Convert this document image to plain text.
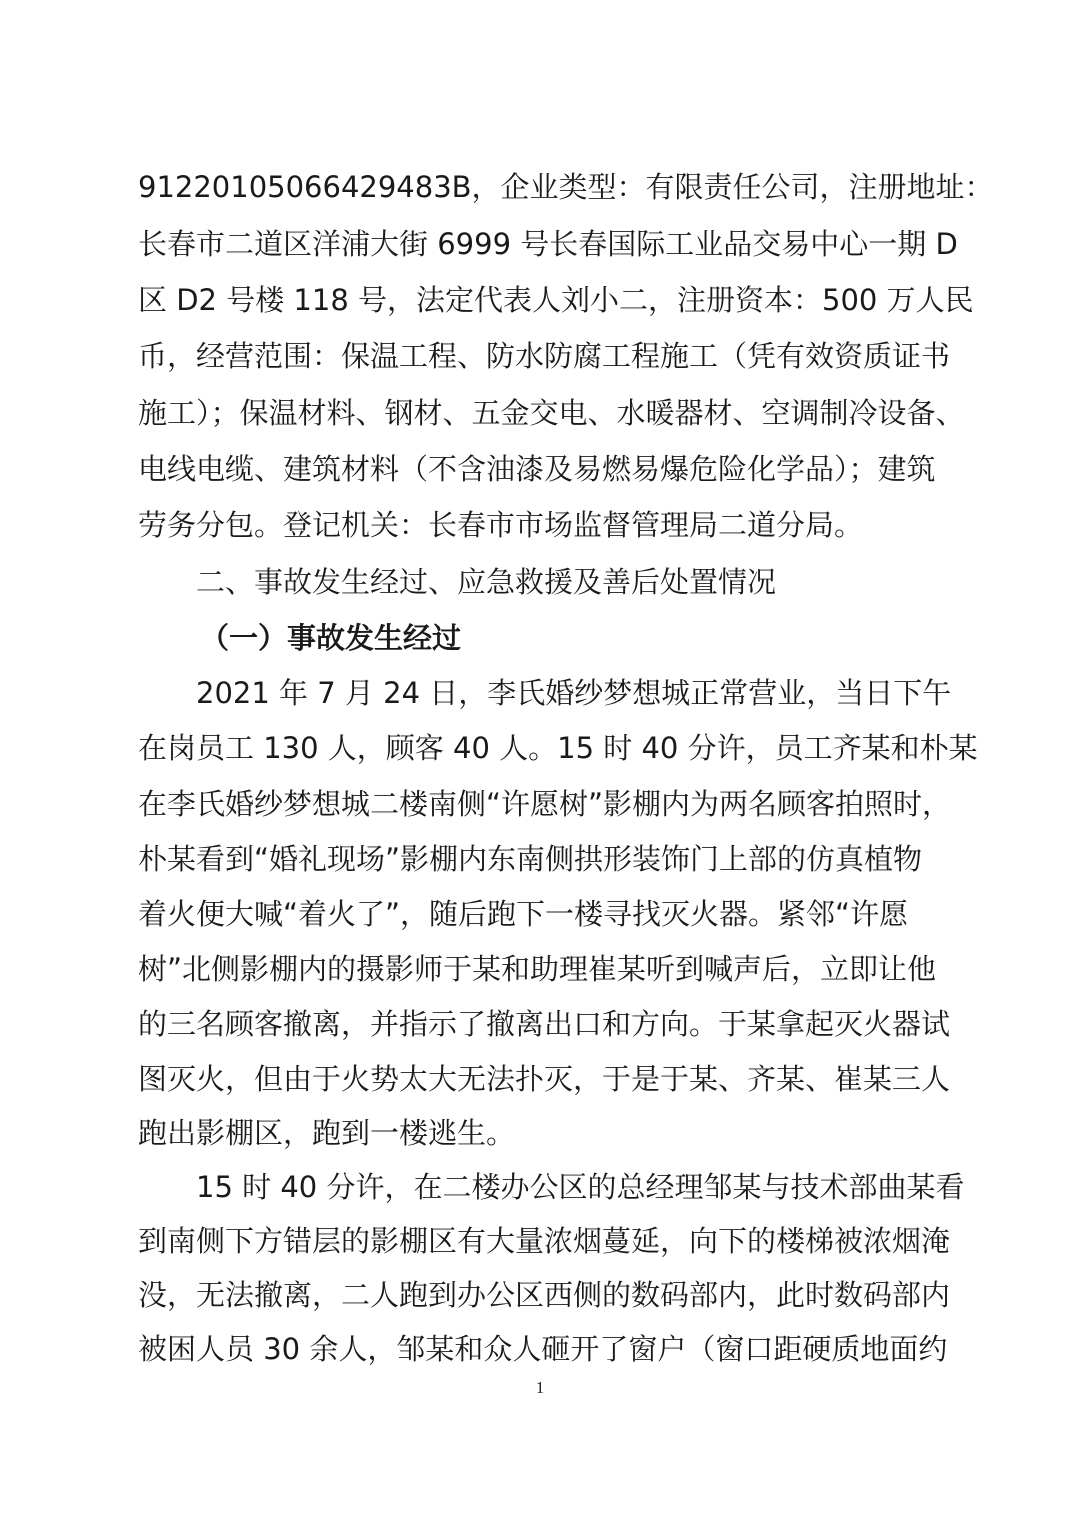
91220105066429483B，企业类型：有限责任公司，注册地址：
长春市二道区洋浦大街 6999 号长春国际工业品交易中心一期 D
区 D2 号楼 118 号，法定代表人刘小二，注册资本：500 万人民
币，经营范围：保温工程、防水防腐工程施工（凭有效资质证书
施工）；保温材料、钢材、五金交电、水暖器材、空调制冷设备、
电线电缆、建筑材料（不含油漆及易燃易爆危险化学品）；建筑
劳务分包。登记机关：长春市市场监督管理局二道分局。
二、事故发生经过、应急救援及善后处置情况
（一）事故发生经过
2021 年 7 月 24 日，李氏婚纱梦想城正常营业，当日下午
在岗员工 130 人，顾客 40 人。15 时 40 分许，员工齐某和朴某
在李氏婚纱梦想城二楼南侧“许愿树”影棚内为两名顾客拍照时，
朴某看到“婚礼现场”影棚内东南侧拱形装饰门上部的仿真植物
着火便大喊“着火了”，随后跑下一楼寻找灭火器。紧邻“许愿
树”北侧影棚内的摄影师于某和助理崔某听到喊声后，立即让他
的三名顾客撤离，并指示了撤离出口和方向。于某拿起灭火器试
图灭火，但由于火势太大无法扑灭，于是于某、齐某、崔某三人
跑出影棚区，跑到一楼逃生。
15 时 40 分许，在二楼办公区的总经理邹某与技术部曲某看
到南侧下方错层的影棚区有大量浓烟蔓延，向下的楼梯被浓烟淹
没，无法撤离，二人跑到办公区西侧的数码部内，此时数码部内
被困人员 30 余人，邹某和众人砸开了窗户（窗口距硬质地面约
1
